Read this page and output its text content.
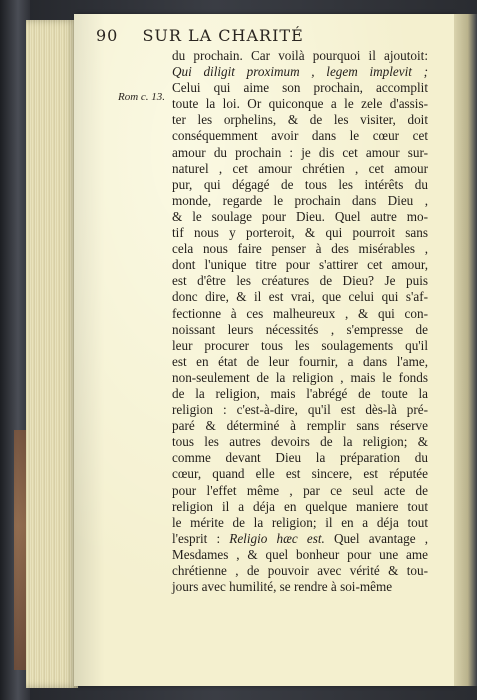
90 SUR LA CHARITÉ
Rom c. 13.
du prochain. Car voilà pourquoi il ajoutoit:
Qui diligit proximum , legem implevit ;
Celui qui aime son prochain, accomplit
toute la loi. Or quiconque a le zele d'assis-
ter les orphelins, & de les visiter, doit
conséquemment avoir dans le cœur cet
amour du prochain : je dis cet amour sur-
naturel , cet amour chrétien , cet amour
pur, qui dégagé de tous les intérêts du
monde, regarde le prochain dans Dieu ,
& le soulage pour Dieu. Quel autre mo-
tif nous y porteroit, & qui pourroit sans
cela nous faire penser à des misérables ,
dont l'unique titre pour s'attirer cet amour,
est d'être les créatures de Dieu? Je puis
donc dire, & il est vrai, que celui qui s'af-
fectionne à ces malheureux , & qui con-
noissant leurs nécessités , s'empresse de
leur procurer tous les soulagements qu'il
est en état de leur fournir, a dans l'ame,
non-seulement de la religion , mais le fonds
de la religion, mais l'abrégé de toute la
religion : c'est-à-dire, qu'il est dès-là pré-
paré & déterminé à remplir sans réserve
tous les autres devoirs de la religion; &
comme devant Dieu la préparation du
cœur, quand elle est sincere, est réputée
pour l'effet même , par ce seul acte de
religion il a déja en quelque maniere tout
le mérite de la religion; il en a déja tout
l'esprit : Religio hæc est. Quel avantage ,
Mesdames , & quel bonheur pour une ame
chrétienne , de pouvoir avec vérité & tou-
jours avec humilité, se rendre à soi-même
